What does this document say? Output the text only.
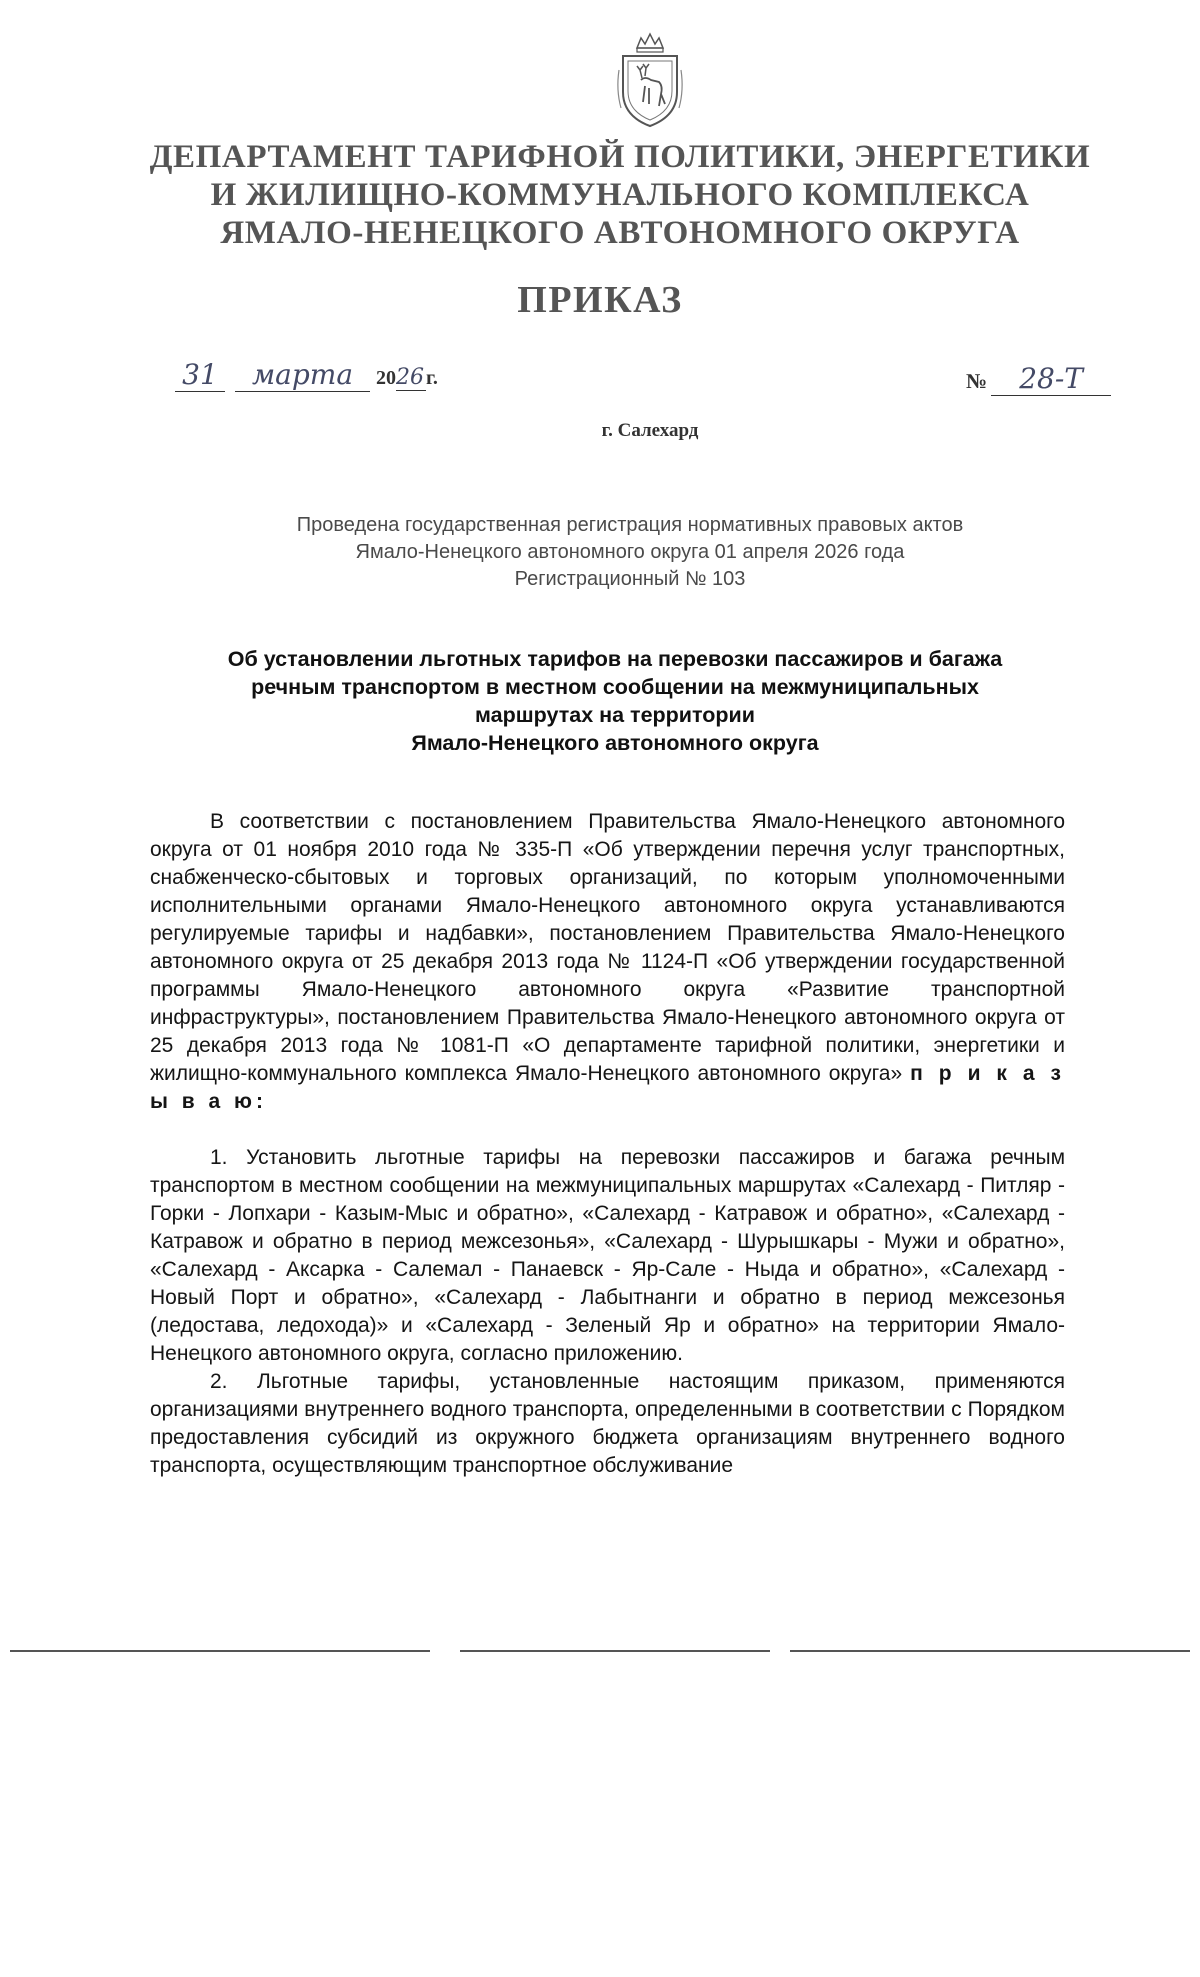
ДЕПАРТАМЕНТ ТАРИФНОЙ ПОЛИТИКИ, ЭНЕРГЕТИКИ
И ЖИЛИЩНО-КОММУНАЛЬНОГО КОМПЛЕКСА
ЯМАЛО-НЕНЕЦКОГО АВТОНОМНОГО ОКРУГА
ПРИКАЗ
31 марта 2026 г.	№ 28-Т
г. Салехард
Проведена государственная регистрация нормативных правовых актов
Ямало-Ненецкого автономного округа 01 апреля 2026 года
Регистрационный № 103
Об установлении льготных тарифов на перевозки пассажиров и багажа
речным транспортом в местном сообщении на межмуниципальных
маршрутах на территории
Ямало-Ненецкого автономного округа

В соответствии с постановлением Правительства Ямало-Ненецкого автономного округа от 01 ноября 2010 года № 335-П «Об утверждении перечня услуг транспортных, снабженческо-сбытовых и торговых организаций, по которым уполномоченными исполнительными органами Ямало-Ненецкого автономного округа устанавливаются регулируемые тарифы и надбавки», постановлением Правительства Ямало-Ненецкого автономного округа от 25 декабря 2013 года № 1124-П «Об утверждении государственной программы Ямало-Ненецкого автономного округа «Развитие транспортной инфраструктуры», постановлением Правительства Ямало-Ненецкого автономного округа от 25 декабря 2013 года № 1081-П «О департаменте тарифной политики, энергетики и жилищно-коммунального комплекса Ямало-Ненецкого автономного округа» п р и к а з ы в а ю:

1. Установить льготные тарифы на перевозки пассажиров и багажа речным транспортом в местном сообщении на межмуниципальных маршрутах «Салехард - Питляр - Горки - Лопхари - Казым-Мыс и обратно», «Салехард - Катравож и обратно», «Салехард - Катравож и обратно в период межсезонья», «Салехард - Шурышкары - Мужи и обратно», «Салехард - Аксарка - Салемал - Панаевск - Яр-Сале - Ныда и обратно», «Салехард - Новый Порт и обратно», «Салехард - Лабытнанги и обратно в период межсезонья (ледостава, ледохода)» и «Салехард - Зеленый Яр и обратно» на территории Ямало-Ненецкого автономного округа, согласно приложению.

2. Льготные тарифы, установленные настоящим приказом, применяются организациями внутреннего водного транспорта, определенными в соответствии с Порядком предоставления субсидий из окружного бюджета организациям внутреннего водного транспорта, осуществляющим транспортное обслуживание
